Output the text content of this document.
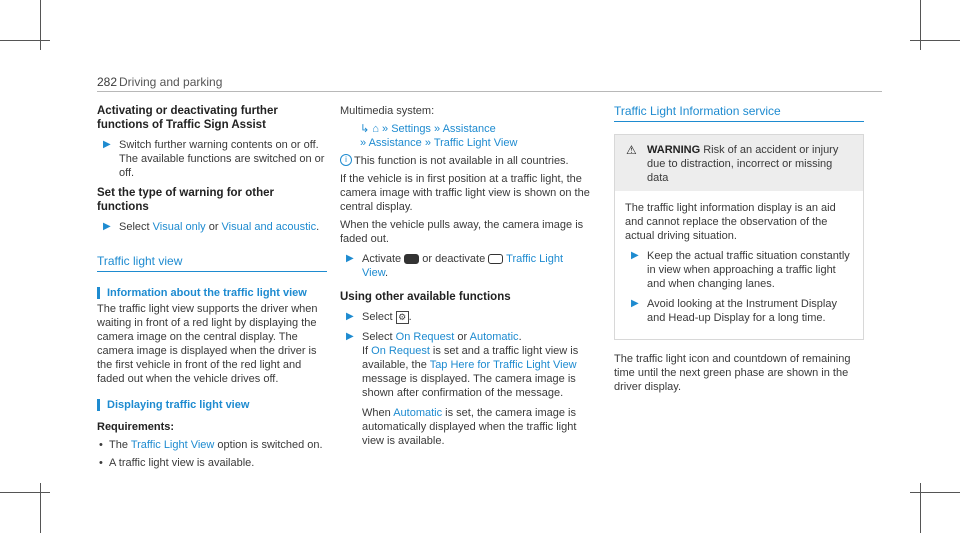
282 Driving and parking
Activating or deactivating further functions of Traffic Sign Assist
▶ Switch further warning contents on or off.
The available functions are switched on or off.
Set the type of warning for other functions
▶ Select Visual only or Visual and acoustic.
Traffic light view
Information about the traffic light view
The traffic light view supports the driver when waiting in front of a red light by displaying the camera image on the central display. The camera image is displayed when the driver is the first vehicle in front of the red light and faded out when the vehicle drives off.
Displaying traffic light view
Requirements:
• The Traffic Light View option is switched on.
• A traffic light view is available.
Multimedia system:
↳ ⌂ » Settings » Assistance
» Assistance » Traffic Light View
i This function is not available in all countries.

If the vehicle is in first position at a traffic light, the camera image with traffic light view is shown on the central display.

When the vehicle pulls away, the camera image is faded out.

▶ Activate  or deactivate  Traffic Light View.
Using other available functions
▶ Select ⚙ .
▶ Select On Request or Automatic.
If On Request is set and a traffic light view is available, the Tap Here for Traffic Light View message is displayed. The camera image is shown after confirmation of the message.
When Automatic is set, the camera image is automatically displayed when the traffic light view is available.
Traffic Light Information service
⚠ WARNING Risk of an accident or injury due to distraction, incorrect or missing data

The traffic light information display is an aid and cannot replace the observation of the actual driving situation.

▶ Keep the actual traffic situation constantly in view when approaching a traffic light and when changing lanes.
▶ Avoid looking at the Instrument Display and Head-up Display for a long time.

The traffic light icon and countdown of remaining time until the next green phase are shown in the driver display.
